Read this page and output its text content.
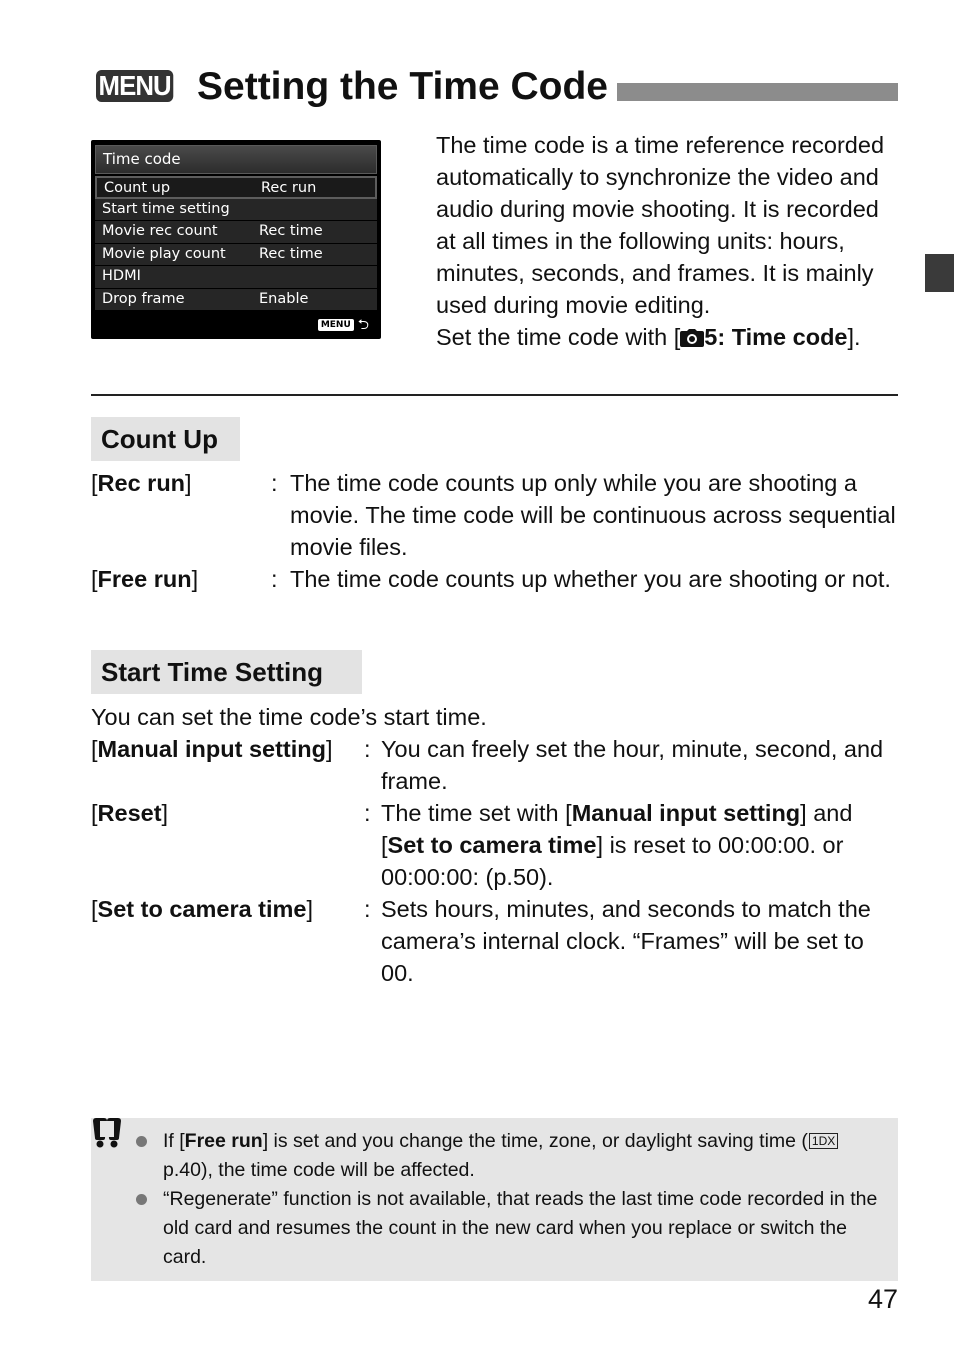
MENU Setting the Time Code
Time code
Count up	Rec run
Start time setting
Movie rec count	Rec time
Movie play count Rec time
HDMI
Drop frame	Enable
MENU ⮌

The time code is a time reference recorded automatically to synchronize the video and audio during movie shooting. It is recorded at all times in the following units: hours, minutes, seconds, and frames. It is mainly used during movie editing.

Set the time code with [ 5: Time code].

Count Up
[Rec run]	: The time code counts up only while you are shooting a movie. The time code will be continuous across sequential movie files.
[Free run]	: The time code counts up whether you are shooting or not.
Start Time Setting
You can set the time code’s start time.
[Manual input setting] : You can freely set the hour, minute, second, and frame.
[Reset]	: The time set with [Manual input setting] and [Set to camera time] is reset to 00:00:00. or 00:00:00: (p.50).
[Set to camera time] : Sets hours, minutes, and seconds to match the camera’s internal clock. “Frames” will be set to 00.
If [Free run] is set and you change the time, zone, or daylight saving time ( 1DXp.40), the time code will be affected.
“Regenerate” function is not available, that reads the last time code recorded in the old card and resumes the count in the new card when you replace or switch the card.
47
